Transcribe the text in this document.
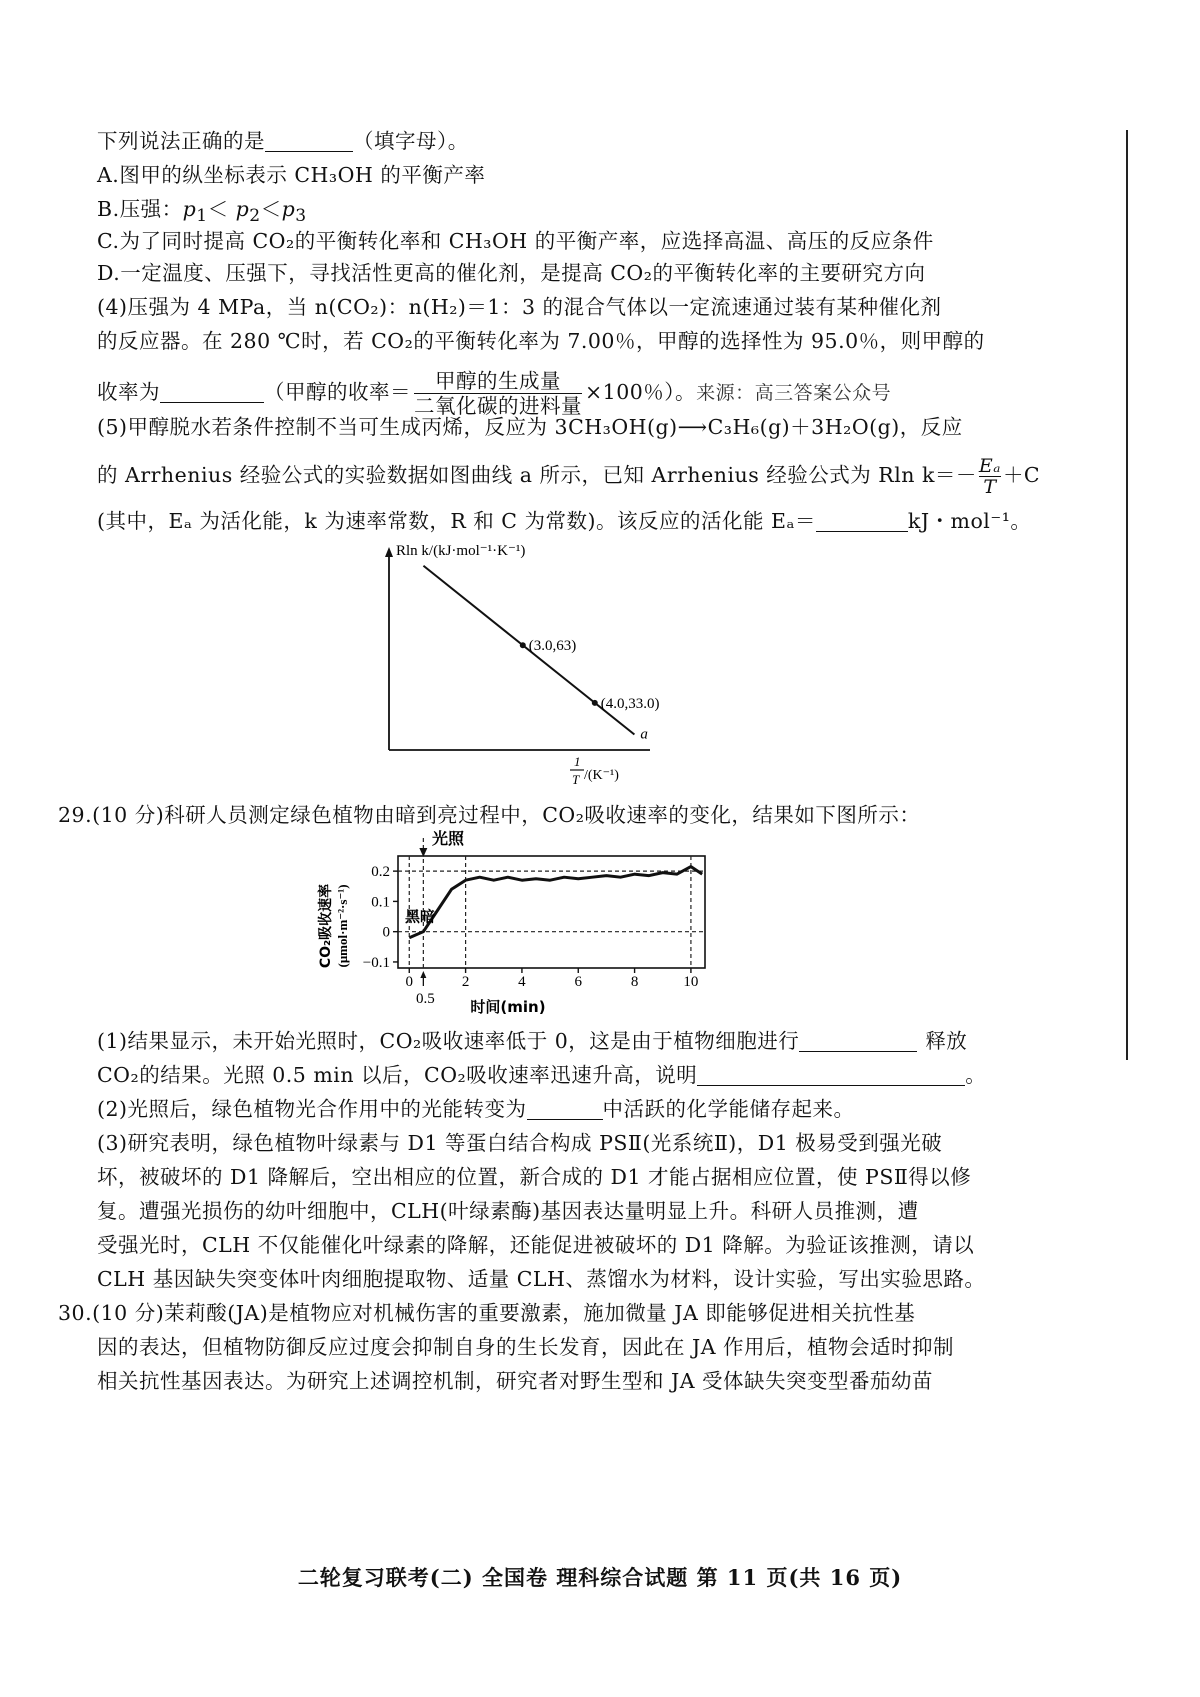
下列说法正确的是	（填字母）。
A.图甲的纵坐标表示 CH₃OH 的平衡产率
B.压强：$p_1< p_2<p_3$
C.为了同时提高 CO₂的平衡转化率和 CH₃OH 的平衡产率，应选择高温、高压的反应条件
D.一定温度、压强下，寻找活性更高的催化剂，是提高 CO₂的平衡转化率的主要研究方向
(4)压强为 4 MPa，当 n(CO₂)：n(H₂)＝1：3 的混合气体以一定流速通过装有某种催化剂
的反应器。在 280 ℃时，若 CO₂的平衡转化率为 7.00％，甲醇的选择性为 95.0％，则甲醇的
收率为	（甲醇的收率＝ $\frac{\text{甲醇的生成量}}{\text{二氧化碳的进料量}} \times 100$％）。来源：高三答案公众号
(5)甲醇脱水若条件控制不当可生成丙烯，反应为 3CH₃OH(g)⟶C₃H₆(g)＋3H₂O(g)，反应
的 Arrhenius 经验公式的实验数据如图曲线 a 所示，已知 Arrhenius 经验公式为 Rln $k=- \frac{\text{Eₐ}}{T} +C$
(其中，Eₐ 为活化能，k 为速率常数，R 和 C 为常数)。该反应的活化能 Eₐ＝	kJ・mol⁻¹。
Rln k/(kJ·mol⁻¹·K⁻¹)
(3.0,63)
(4.0,33.0)
a
1
T /(K⁻¹)
29.(10 分)科研人员测定绿色植物由暗到亮过程中，CO₂吸收速率的变化，结果如下图所示：
光照
CO₂吸收速率 (μmol·m⁻²·s⁻¹)
0.2
0.1
0
−0.1
0	2	4	6	8	10
0.5
黑暗
时间(min)
(1)结果显示，未开始光照时，CO₂吸收速率低于 0，这是由于植物细胞进行	释放
CO₂的结果。光照 0.5 min 以后，CO₂吸收速率迅速升高，说明	。
(2)光照后，绿色植物光合作用中的光能转变为	中活跃的化学能储存起来。
(3)研究表明，绿色植物叶绿素与 D1 等蛋白结合构成 PSⅡ(光系统Ⅱ)，D1 极易受到强光破
坏，被破坏的 D1 降解后，空出相应的位置，新合成的 D1 才能占据相应位置，使 PSⅡ得以修
复。遭强光损伤的幼叶细胞中，CLH(叶绿素酶)基因表达量明显上升。科研人员推测，遭
受强光时，CLH 不仅能催化叶绿素的降解，还能促进被破坏的 D1 降解。为验证该推测，请以
CLH 基因缺失突变体叶肉细胞提取物、适量 CLH、蒸馏水为材料，设计实验，写出实验思路。
30.(10 分)茉莉酸(JA)是植物应对机械伤害的重要激素，施加微量 JA 即能够促进相关抗性基
因的表达，但植物防御反应过度会抑制自身的生长发育，因此在 JA 作用后，植物会适时抑制
相关抗性基因表达。为研究上述调控机制，研究者对野生型和 JA 受体缺失突变型番茄幼苗
二轮复习联考(二) 全国卷 理科综合试题 第 11 页(共 16 页)
